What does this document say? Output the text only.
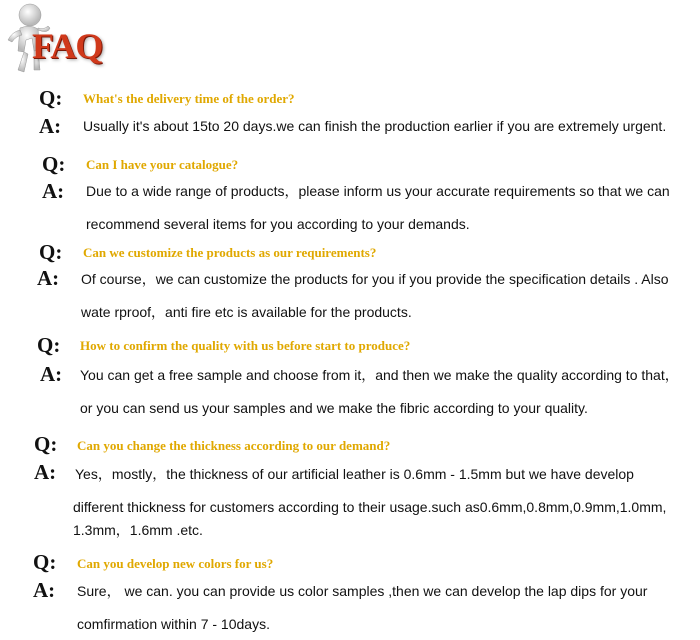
FAQ
Q: What's the delivery time of the order?
A: Usually it's about 15to 20 days.we can finish the production earlier if you are extremely urgent.
Q: Can I have your catalogue?
A: Due to a wide range of products，please inform us your accurate requirements so that we can
recommend several items for you according to your demands.
Q: Can we customize the products as our requirements?
A: Of course，we can customize the products for you if you provide the specification details . Also
wate rproof，anti fire etc is available for the products.
Q: How to confirm the quality with us before start to produce?
A: You can get a free sample and choose from it，and then we make the quality according to that，
or you can send us your samples and we make the fibric according to your quality.
Q: Can you change the thickness according to our demand?
A: Yes，mostly，the thickness of our artificial leather is 0.6mm - 1.5mm but we have develop
different thickness for customers according to their usage.such as0.6mm,0.8mm,0.9mm,1.0mm,
1.3mm，1.6mm .etc.
Q: Can you develop new colors for us?
A: Sure， we can. you can provide us color samples ,then we can develop the lap dips for your
comfirmation within 7 - 10days.
